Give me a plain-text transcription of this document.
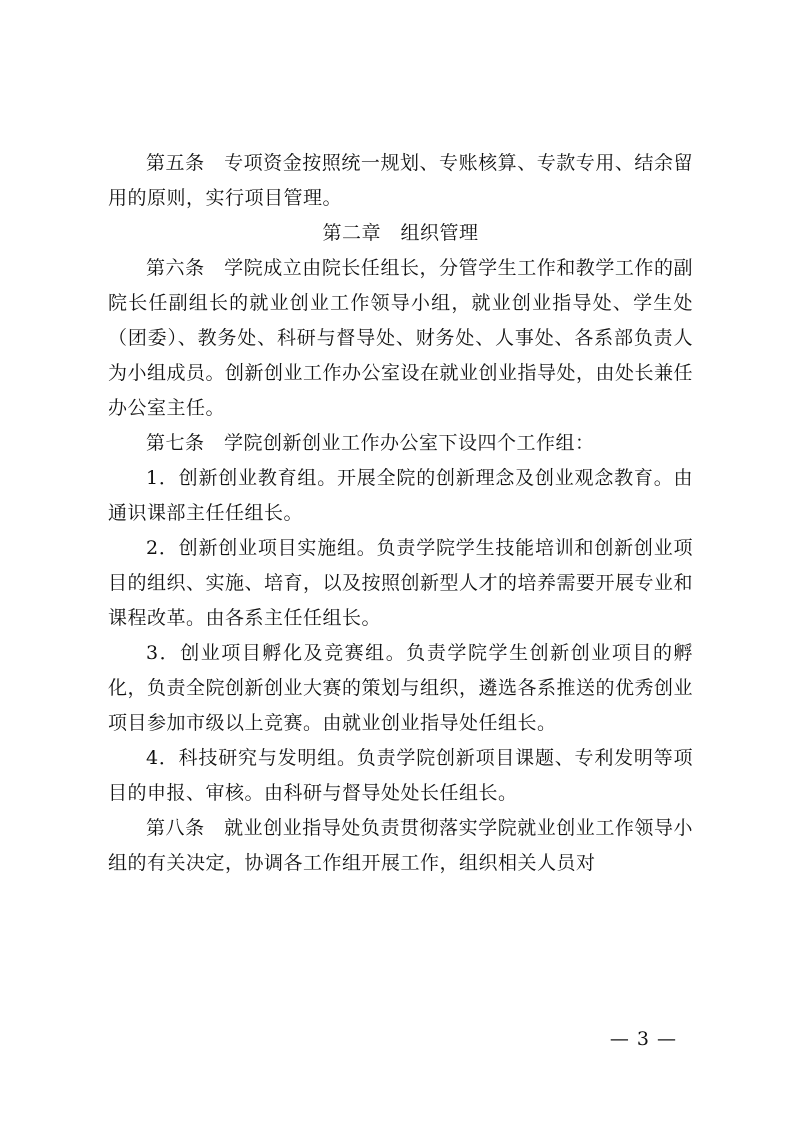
第五条　专项资金按照统一规划、专账核算、专款专用、结余留用的原则，实行项目管理。

第二章　组织管理

第六条　学院成立由院长任组长，分管学生工作和教学工作的副院长任副组长的就业创业工作领导小组，就业创业指导处、学生处（团委）、教务处、科研与督导处、财务处、人事处、各系部负责人为小组成员。创新创业工作办公室设在就业创业指导处，由处长兼任办公室主任。

第七条　学院创新创业工作办公室下设四个工作组：

1．创新创业教育组。开展全院的创新理念及创业观念教育。由通识课部主任任组长。

2．创新创业项目实施组。负责学院学生技能培训和创新创业项目的组织、实施、培育，以及按照创新型人才的培养需要开展专业和课程改革。由各系主任任组长。

3．创业项目孵化及竞赛组。负责学院学生创新创业项目的孵化，负责全院创新创业大赛的策划与组织，遴选各系推送的优秀创业项目参加市级以上竞赛。由就业创业指导处任组长。

4．科技研究与发明组。负责学院创新项目课题、专利发明等项目的申报、审核。由科研与督导处处长任组长。

第八条　就业创业指导处负责贯彻落实学院就业创业工作领导小组的有关决定，协调各工作组开展工作，组织相关人员对

— 3 —
